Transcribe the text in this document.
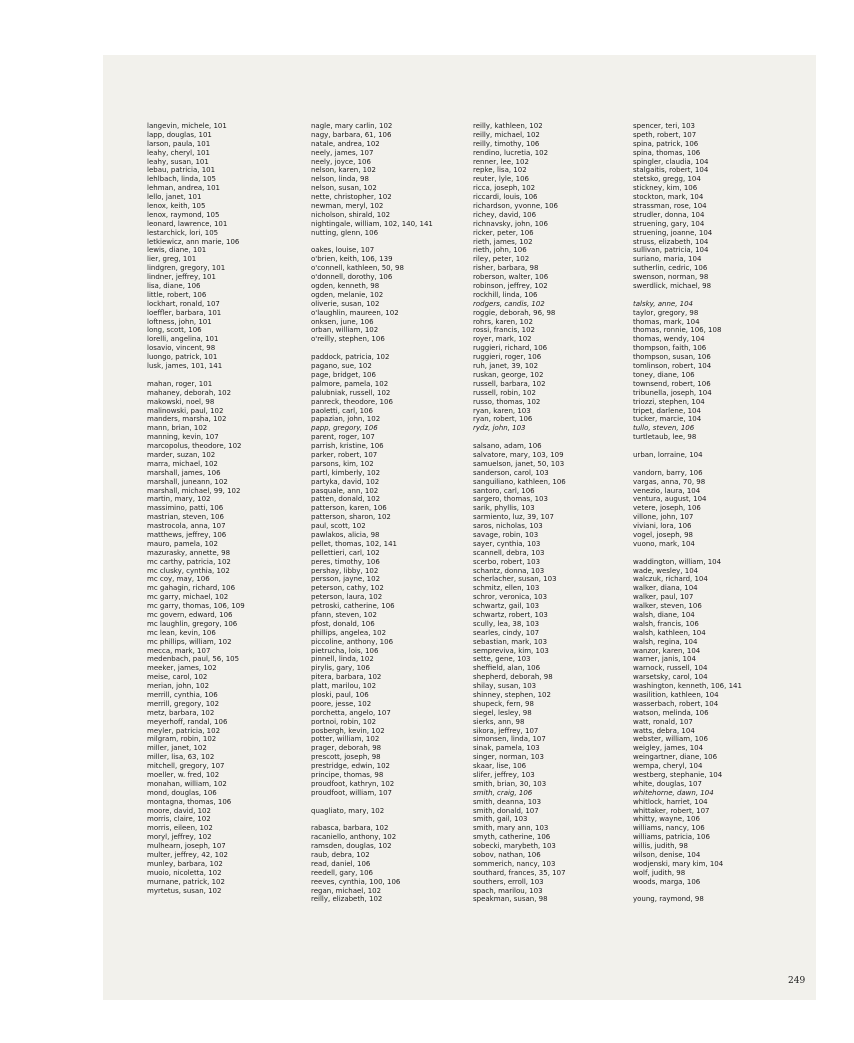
langevin, michele, 101
lapp, douglas, 101
larson, paula, 101
leahy, cheryl, 101
leahy, susan, 101
lebau, patricia, 101
lehlbach, linda, 105
lehman, andrea, 101
lello, janet, 101
lenox, keith, 105
lenox, raymond, 105
leonard, lawrence, 101
lestarchick, lori, 105
letkiewicz, ann marie, 106
lewis, diane, 101
lier, greg, 101
lindgren, gregory, 101
lindner, jeffrey, 101
lisa, diane, 106
little, robert, 106
lockhart, ronald, 107
loeffler, barbara, 101
loftness, john, 101
long, scott, 106
lorelli, angelina, 101
losavio, vincent, 98
luongo, patrick, 101
lusk, james, 101, 141
mahan, roger, 101
mahaney, deborah, 102
makowski, noel, 98
malinowski, paul, 102
manders, marsha, 102
mann, brian, 102
manning, kevin, 107
marcopolus, theodore, 102
marder, suzan, 102
marra, michael, 102
marshall, james, 106
marshall, juneann, 102
marshall, michael, 99, 102
martin, mary, 102
massimino, patti, 106
mastrian, steven, 106
mastrocola, anna, 107
matthews, jeffrey, 106
mauro, pamela, 102
mazurasky, annette, 98
mc carthy, patricia, 102
mc clusky, cynthia, 102
mc coy, may, 106
mc gahagin, richard, 106
mc garry, michael, 102
mc garry, thomas, 106, 109
mc govern, edward, 106
mc laughlin, gregory, 106
mc lean, kevin, 106
mc phillips, william, 102
mecca, mark, 107
medenbach, paul, 56, 105
meeker, james, 102
meise, carol, 102
merian, john, 102
merrill, cynthia, 106
merrill, gregory, 102
metz, barbara, 102
meyerhoff, randal, 106
meyler, patricia, 102
milgram, robin, 102
miller, janet, 102
miller, lisa, 63, 102
mitchell, gregory, 107
moeller, w. fred, 102
monahan, william, 102
mond, douglas, 106
montagna, thomas, 106
moore, david, 102
morris, claire, 102
morris, eileen, 102
moryl, jeffrey, 102
mulhearn, joseph, 107
multer, jeffrey, 42, 102
munley, barbara, 102
muoio, nicoletta, 102
murnane, patrick, 102
myrtetus, susan, 102
nagle, mary carlin, 102
nagy, barbara, 61, 106
natale, andrea, 102
neely, james, 107
neely, joyce, 106
nelson, karen, 102
nelson, linda, 98
nelson, susan, 102
nette, christopher, 102
newman, meryl, 102
nicholson, shirald, 102
nightingale, william, 102, 140, 141
nutting, glenn, 106
oakes, louise, 107
o'brien, keith, 106, 139
o'connell, kathleen, 50, 98
o'donnell, dorothy, 106
ogden, kenneth, 98
ogden, melanie, 102
oliverie, susan, 102
o'laughlin, maureen, 102
onksen, june, 106
orban, william, 102
o'reilly, stephen, 106
paddock, patricia, 102
pagano, sue, 102
page, bridget, 106
palmore, pamela, 102
palubniak, russell, 102
panreck, theodore, 106
paoletti, carl, 106
papazian, john, 102
papp, gregory, 106
parent, roger, 107
parrish, kristine, 106
parker, robert, 107
parsons, kim, 102
partl, kimberly, 102
partyka, david, 102
pasquale, ann, 102
patten, donald, 102
patterson, karen, 106
patterson, sharon, 102
paul, scott, 102
pawlakos, alicia, 98
pellet, thomas, 102, 141
pellettieri, carl, 102
peres, timothy, 106
pershay, libby, 102
persson, jayne, 102
peterson, cathy, 102
peterson, laura, 102
petroski, catherine, 106
pfann, steven, 102
pfost, donald, 106
phillips, angelea, 102
piccoline, anthony, 106
pietrucha, lois, 106
pinnell, linda, 102
pirylis, gary, 106
pitera, barbara, 102
platt, marilou, 102
ploski, paul, 106
poore, jesse, 102
porchetta, angelo, 107
portnoi, robin, 102
posbergh, kevin, 102
potter, william, 102
prager, deborah, 98
prescott, joseph, 98
prestridge, edwin, 102
principe, thomas, 98
proudfoot, kathryn, 102
proudfoot, william, 107
quagliato, mary, 102
rabasca, barbara, 102
racaniello, anthony, 102
ramsden, douglas, 102
raub, debra, 102
read, daniel, 106
reedell, gary, 106
reeves, cynthia, 100, 106
regan, michael, 102
reilly, elizabeth, 102
reilly, kathleen, 102
reilly, michael, 102
reilly, timothy, 106
rendino, lucretia, 102
renner, lee, 102
repke, lisa, 102
reuter, lyle, 106
ricca, joseph, 102
riccardi, louis, 106
richardson, yvonne, 106
richey, david, 106
richnavsky, john, 106
ricker, peter, 106
rieth, james, 102
rieth, john, 106
riley, peter, 102
risher, barbara, 98
roberson, walter, 106
robinson, jeffrey, 102
rockhill, linda, 106
rodgers, candis, 102
roggie, deborah, 96, 98
rohrs, karen, 102
rossi, francis, 102
royer, mark, 102
ruggieri, richard, 106
ruggieri, roger, 106
ruh, janet, 39, 102
ruskan, george, 102
russell, barbara, 102
russell, robin, 102
russo, thomas, 102
ryan, karen, 103
ryan, robert, 106
rydz, john, 103
salsano, adam, 106
salvatore, mary, 103, 109
samuelson, janet, 50, 103
sanderson, carol, 103
sanguiliano, kathleen, 106
santoro, carl, 106
sargero, thomas, 103
sarik, phyllis, 103
sarmiento, luz, 39, 107
saros, nicholas, 103
savage, robin, 103
sayer, cynthia, 103
scannell, debra, 103
scerbo, robert, 103
schantz, donna, 103
scherlacher, susan, 103
schmitz, ellen, 103
schror, veronica, 103
schwartz, gail, 103
schwartz, robert, 103
scully, lea, 38, 103
searles, cindy, 107
sebastian, mark, 103
sempreviva, kim, 103
sette, gene, 103
sheffield, alan, 106
shepherd, deborah, 98
shilay, susan, 103
shinney, stephen, 102
shupeck, fern, 98
siegel, lesley, 98
sierks, ann, 98
sikora, jeffrey, 107
simonsen, linda, 107
sinak, pamela, 103
singer, norman, 103
skaar, lise, 106
slifer, jeffrey, 103
smith, brian, 30, 103
smith, craig, 106
smith, deanna, 103
smith, donald, 107
smith, gail, 103
smith, mary ann, 103
smyth, catherine, 106
sobecki, marybeth, 103
sobov, nathan, 106
sommerich, nancy, 103
southard, frances, 35, 107
southers, erroll, 103
spach, marilou, 103
speakman, susan, 98
spencer, teri, 103
speth, robert, 107
spina, patrick, 106
spina, thomas, 106
spingler, claudia, 104
stalgaitis, robert, 104
stetsko, gregg, 104
stickney, kim, 106
stockton, mark, 104
strassman, rose, 104
strudler, donna, 104
struening, gary, 104
struening, joanne, 104
struss, elizabeth, 104
sullivan, patricia, 104
suriano, maria, 104
sutherlin, cedric, 106
swenson, norman, 98
swerdlick, michael, 98
talsky, anne, 104
taylor, gregory, 98
thomas, mark, 104
thomas, ronnie, 106, 108
thomas, wendy, 104
thompson, faith, 106
thompson, susan, 106
tomlinson, robert, 104
toney, diane, 106
townsend, robert, 106
tribunella, joseph, 104
triozzi, stephen, 104
tripet, darlene, 104
tucker, marcie, 104
tullo, steven, 106
turtletaub, lee, 98
urban, lorraine, 104
vandorn, barry, 106
vargas, anna, 70, 98
venezio, laura, 104
ventura, august, 104
vetere, joseph, 106
villone, john, 107
viviani, lora, 106
vogel, joseph, 98
vuono, mark, 104
waddington, william, 104
wade, wesley, 104
walczuk, richard, 104
walker, diana, 104
walker, paul, 107
walker, steven, 106
walsh, diane, 104
walsh, francis, 106
walsh, kathleen, 104
walsh, regina, 104
wanzor, karen, 104
warner, janis, 104
warnock, russell, 104
warsetsky, carol, 104
washington, kenneth, 106, 141
wasilition, kathleen, 104
wasserbach, robert, 104
watson, melinda, 106
watt, ronald, 107
watts, debra, 104
webster, william, 106
weigley, james, 104
weingartner, diane, 106
wempa, cheryl, 104
westberg, stephanie, 104
white, douglas, 107
whitehorne, dawn, 104
whitlock, harriet, 104
whittaker, robert, 107
whitty, wayne, 106
williams, nancy, 106
williams, patricia, 106
willis, judith, 98
wilson, denise, 104
wodjenski, mary kim, 104
wolf, judith, 98
woods, marga, 106
young, raymond, 98
249
